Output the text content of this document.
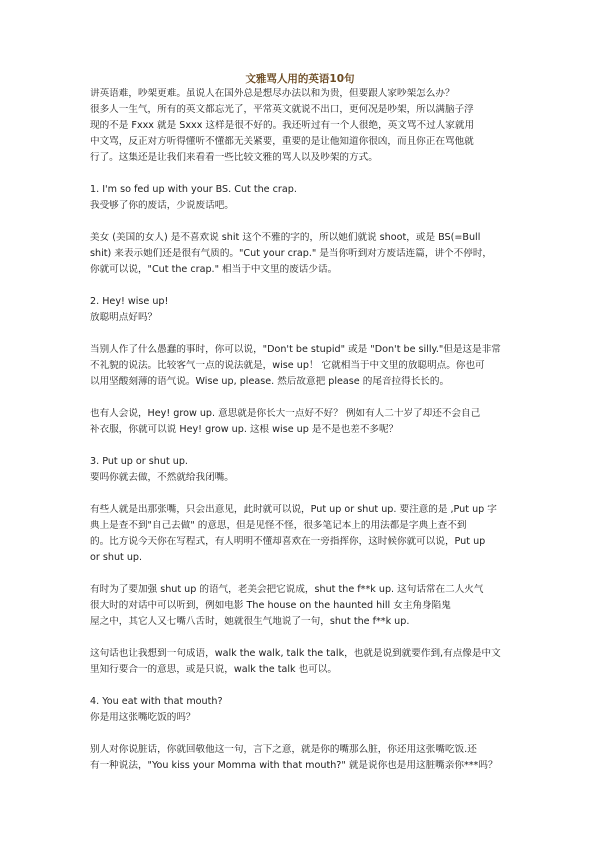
文雅骂人用的英语10句
讲英语难，吵架更难。虽说人在国外总是想尽办法以和为贵，但要跟人家吵架怎么办？
很多人一生气，所有的英文都忘光了，平常英文就说不出口，更何况是吵架，所以满脑子浮
现的不是 Fxxx 就是 Sxxx 这样是很不好的。我还听过有一个人很绝，英文骂不过人家就用
中文骂，反正对方听得懂听不懂都无关紧要，重要的是让他知道你很凶，而且你正在骂他就
行了。这集还是让我们来看看一些比较文雅的骂人以及吵架的方式。
1. I'm so fed up with your BS. Cut the crap.
我受够了你的废话，少说废话吧。
美女 (美国的女人) 是不喜欢说 shit 这个不雅的字的，所以她们就说 shoot，或是 BS(=Bull
shit) 来表示她们还是很有气质的。"Cut your crap." 是当你听到对方废话连篇，讲个不停时，
你就可以说，"Cut the crap." 相当于中文里的废话少话。
2. Hey! wise up!
放聪明点好吗？
当别人作了什么愚蠢的事时，你可以说，"Don't be stupid" 或是 "Don't be silly."但是这是非常
不礼貌的说法。比较客气一点的说法就是，wise up！ 它就相当于中文里的放聪明点。你也可
以用坚酸刻薄的语气说。Wise up, please. 然后故意把 please 的尾音拉得长长的。
也有人会说，Hey! grow up. 意思就是你长大一点好不好？ 例如有人二十岁了却还不会自己
补衣服，你就可以说 Hey! grow up. 这根 wise up 是不是也差不多呢？
3. Put up or shut up.
要吗你就去做，不然就给我闭嘴。
有些人就是出那张嘴，只会出意见，此时就可以说，Put up or shut up. 要注意的是 ,Put up 字
典上是查不到"自己去做" 的意思，但是见怪不怪，很多笔记本上的用法都是字典上查不到
的。比方说今天你在写程式，有人明明不懂却喜欢在一旁指挥你，这时候你就可以说，Put up
or shut up.
有时为了要加强 shut up 的语气，老美会把它说成，shut the f**k up. 这句话常在二人火气
很大时的对话中可以听到，例如电影 The house on the haunted hill 女主角身陷鬼
屋之中，其它人又七嘴八舌时，她就很生气地说了一句，shut the f**k up.
这句话也让我想到一句成语，walk the walk, talk the talk，也就是说到就要作到,有点像是中文
里知行要合一的意思，或是只说，walk the talk 也可以。
4. You eat with that mouth?
你是用这张嘴吃饭的吗？
别人对你说脏话，你就回敬他这一句，言下之意，就是你的嘴那么脏，你还用这张嘴吃饭.还
有一种说法，"You kiss your Momma with that mouth?" 就是说你也是用这脏嘴亲你***吗？
